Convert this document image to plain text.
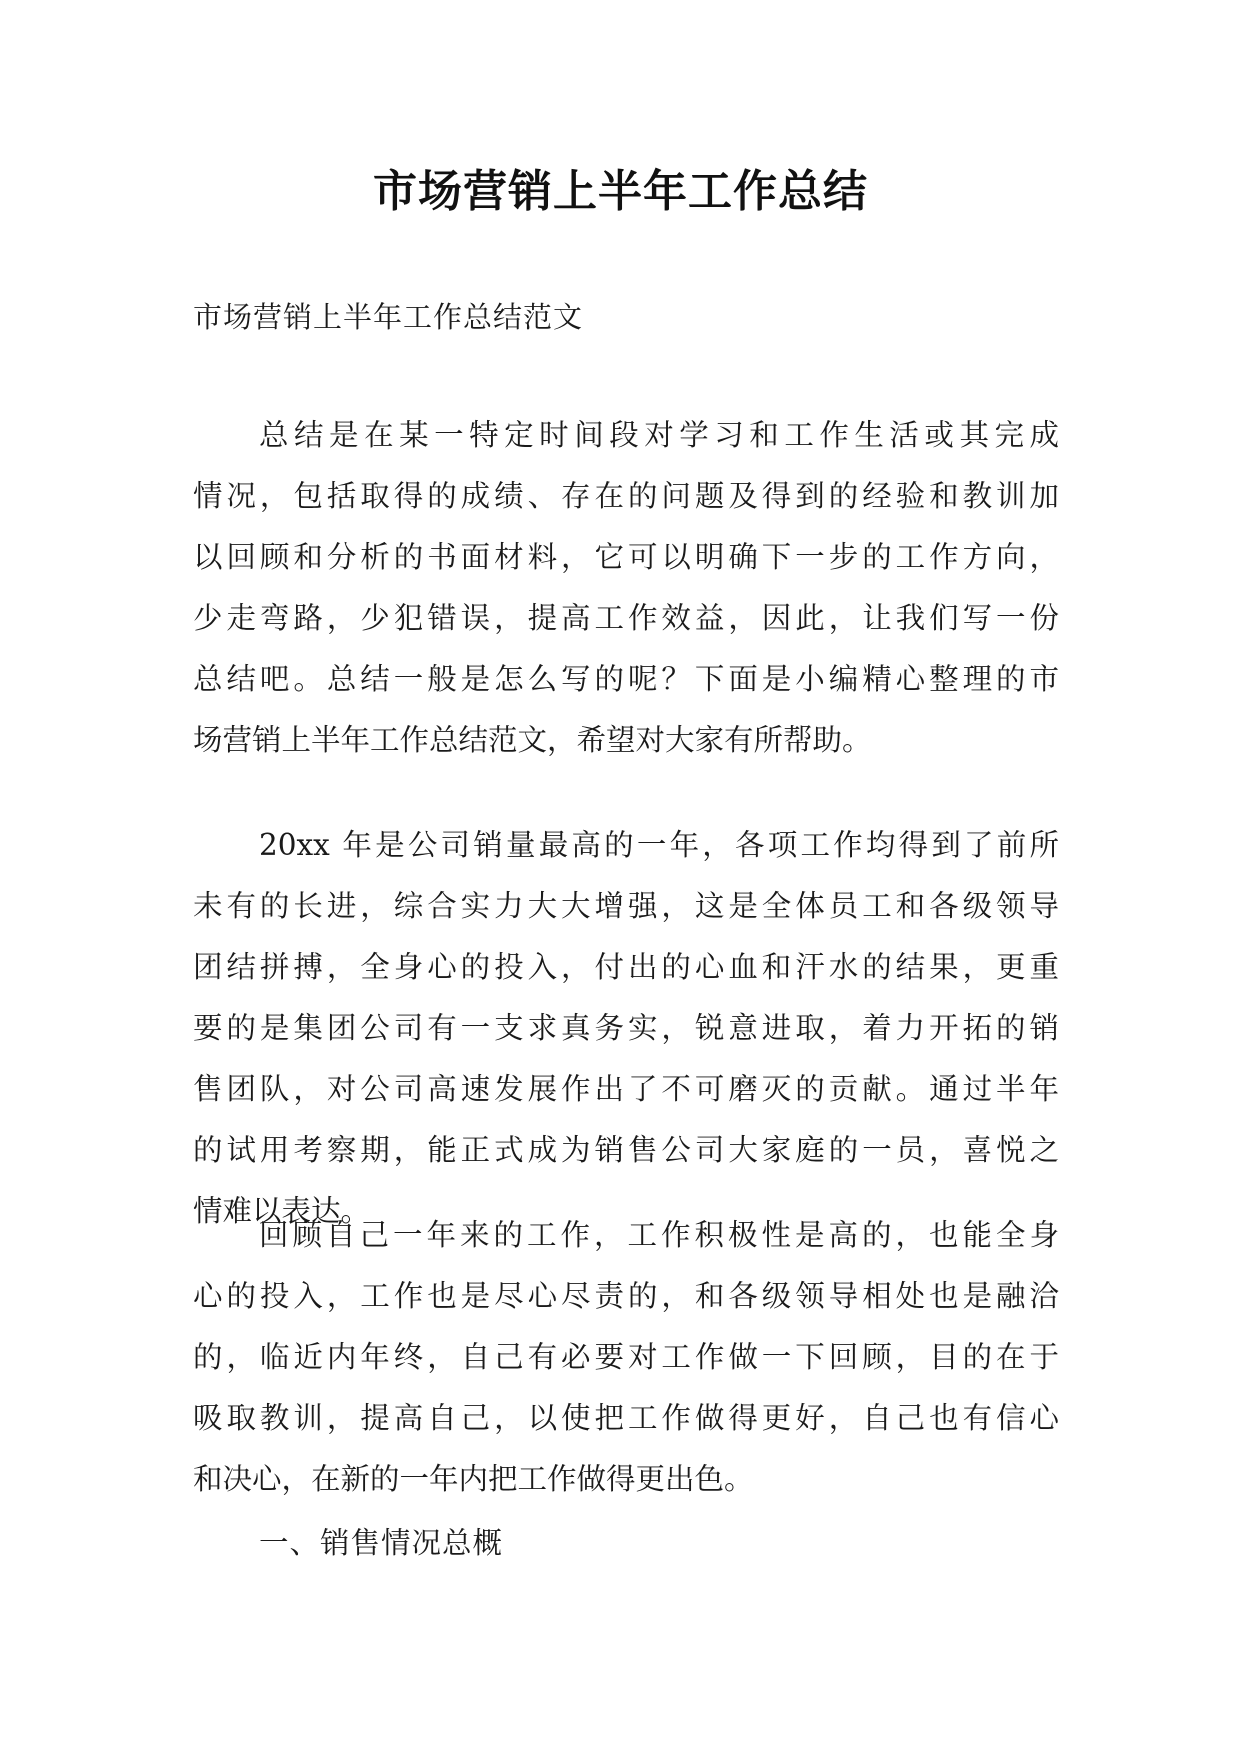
市场营销上半年工作总结

市场营销上半年工作总结范文

总结是在某一特定时间段对学习和工作生活或其完成
情况，包括取得的成绩、存在的问题及得到的经验和教训加
以回顾和分析的书面材料，它可以明确下一步的工作方向，
少走弯路，少犯错误，提高工作效益，因此，让我们写一份
总结吧。总结一般是怎么写的呢？下面是小编精心整理的市
场营销上半年工作总结范文，希望对大家有所帮助。
20xx 年是公司销量最高的一年，各项工作均得到了前所
未有的长进，综合实力大大增强，这是全体员工和各级领导
团结拼搏，全身心的投入，付出的心血和汗水的结果，更重
要的是集团公司有一支求真务实，锐意进取，着力开拓的销
售团队，对公司高速发展作出了不可磨灭的贡献。通过半年
的试用考察期，能正式成为销售公司大家庭的一员，喜悦之
情难以表达。
回顾自己一年来的工作，工作积极性是高的，也能全身
心的投入，工作也是尽心尽责的，和各级领导相处也是融洽
的，临近内年终，自己有必要对工作做一下回顾，目的在于
吸取教训，提高自己，以使把工作做得更好，自己也有信心
和决心，在新的一年内把工作做得更出色。

一、销售情况总概
